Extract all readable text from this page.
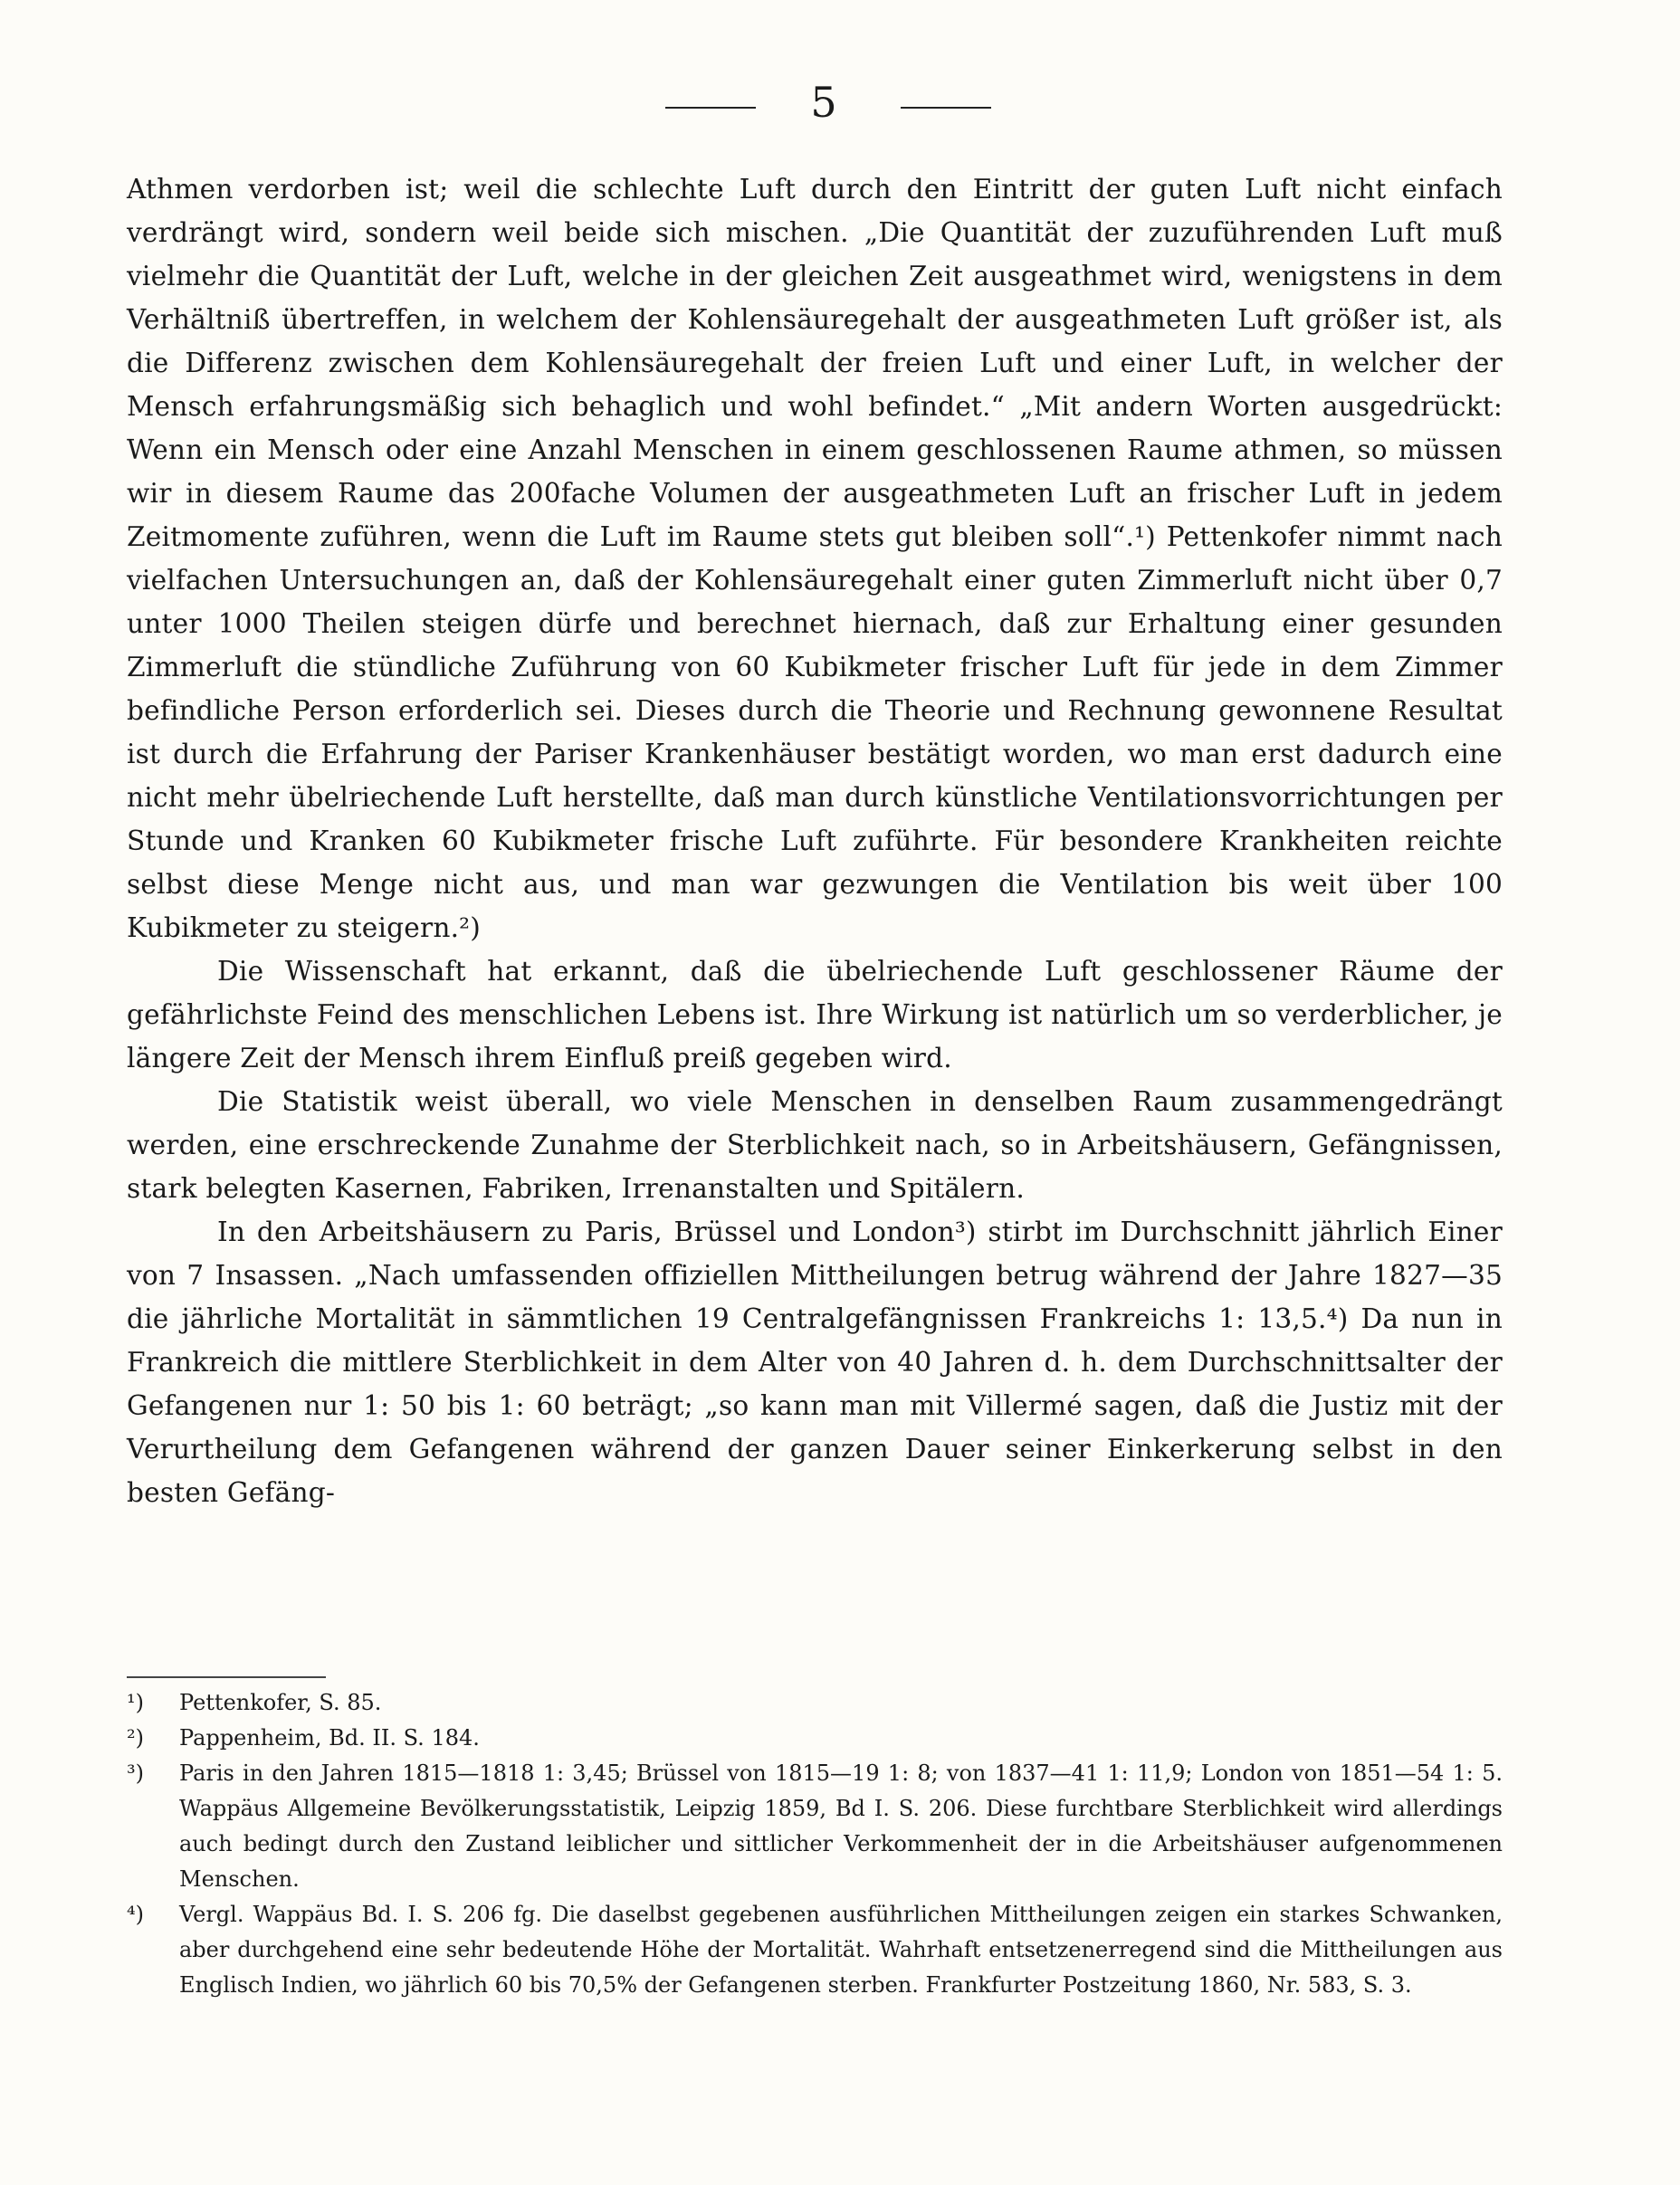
5

Athmen verdorben ist; weil die schlechte Luft durch den Eintritt der guten Luft nicht einfach verdrängt wird, sondern weil beide sich mischen. „Die Quantität der zuzuführenden Luft muß vielmehr die Quantität der Luft, welche in der gleichen Zeit ausgeathmet wird, wenigstens in dem Verhältniß übertreffen, in welchem der Kohlensäuregehalt der ausgeathmeten Luft größer ist, als die Differenz zwischen dem Kohlensäuregehalt der freien Luft und einer Luft, in welcher der Mensch erfahrungsmäßig sich behaglich und wohl befindet.“ „Mit andern Worten ausgedrückt: Wenn ein Mensch oder eine Anzahl Menschen in einem geschlossenen Raume athmen, so müssen wir in diesem Raume das 200fache Volumen der ausgeathmeten Luft an frischer Luft in jedem Zeitmomente zuführen, wenn die Luft im Raume stets gut bleiben soll“.¹) Pettenkofer nimmt nach vielfachen Untersuchungen an, daß der Kohlensäuregehalt einer guten Zimmerluft nicht über 0,7 unter 1000 Theilen steigen dürfe und berechnet hiernach, daß zur Erhaltung einer gesunden Zimmerluft die stündliche Zuführung von 60 Kubikmeter frischer Luft für jede in dem Zimmer befindliche Person erforderlich sei. Dieses durch die Theorie und Rechnung gewonnene Resultat ist durch die Erfahrung der Pariser Krankenhäuser bestätigt worden, wo man erst dadurch eine nicht mehr übelriechende Luft herstellte, daß man durch künstliche Ventilationsvorrichtungen per Stunde und Kranken 60 Kubikmeter frische Luft zuführte. Für besondere Krankheiten reichte selbst diese Menge nicht aus, und man war gezwungen die Ventilation bis weit über 100 Kubikmeter zu steigern.²)

Die Wissenschaft hat erkannt, daß die übelriechende Luft geschlossener Räume der gefährlichste Feind des menschlichen Lebens ist. Ihre Wirkung ist natürlich um so verderblicher, je längere Zeit der Mensch ihrem Einfluß preiß gegeben wird.

Die Statistik weist überall, wo viele Menschen in denselben Raum zusammengedrängt werden, eine erschreckende Zunahme der Sterblichkeit nach, so in Arbeitshäusern, Gefängnissen, stark belegten Kasernen, Fabriken, Irrenanstalten und Spitälern.

In den Arbeitshäusern zu Paris, Brüssel und London³) stirbt im Durchschnitt jährlich Einer von 7 Insassen. „Nach umfassenden offiziellen Mittheilungen betrug während der Jahre 1827—35 die jährliche Mortalität in sämmtlichen 19 Centralgefängnissen Frankreichs 1: 13,5.⁴) Da nun in Frankreich die mittlere Sterblichkeit in dem Alter von 40 Jahren d. h. dem Durchschnittsalter der Gefangenen nur 1: 50 bis 1: 60 beträgt; „so kann man mit Villermé sagen, daß die Justiz mit der Verurtheilung dem Gefangenen während der ganzen Dauer seiner Einkerkerung selbst in den besten Gefäng-

¹) Pettenkofer, S. 85.

²) Pappenheim, Bd. II. S. 184.

³) Paris in den Jahren 1815—1818 1: 3,45; Brüssel von 1815—19 1: 8; von 1837—41 1: 11,9; London von 1851—54 1: 5. Wappäus Allgemeine Bevölkerungsstatistik, Leipzig 1859, Bd I. S. 206. Diese furchtbare Sterblichkeit wird allerdings auch bedingt durch den Zustand leiblicher und sittlicher Verkommenheit der in die Arbeitshäuser aufgenommenen Menschen.

⁴) Vergl. Wappäus Bd. I. S. 206 fg. Die daselbst gegebenen ausführlichen Mittheilungen zeigen ein starkes Schwanken, aber durchgehend eine sehr bedeutende Höhe der Mortalität. Wahrhaft entsetzenerregend sind die Mittheilungen aus Englisch Indien, wo jährlich 60 bis 70,5% der Gefangenen sterben. Frankfurter Postzeitung 1860, Nr. 583, S. 3.
